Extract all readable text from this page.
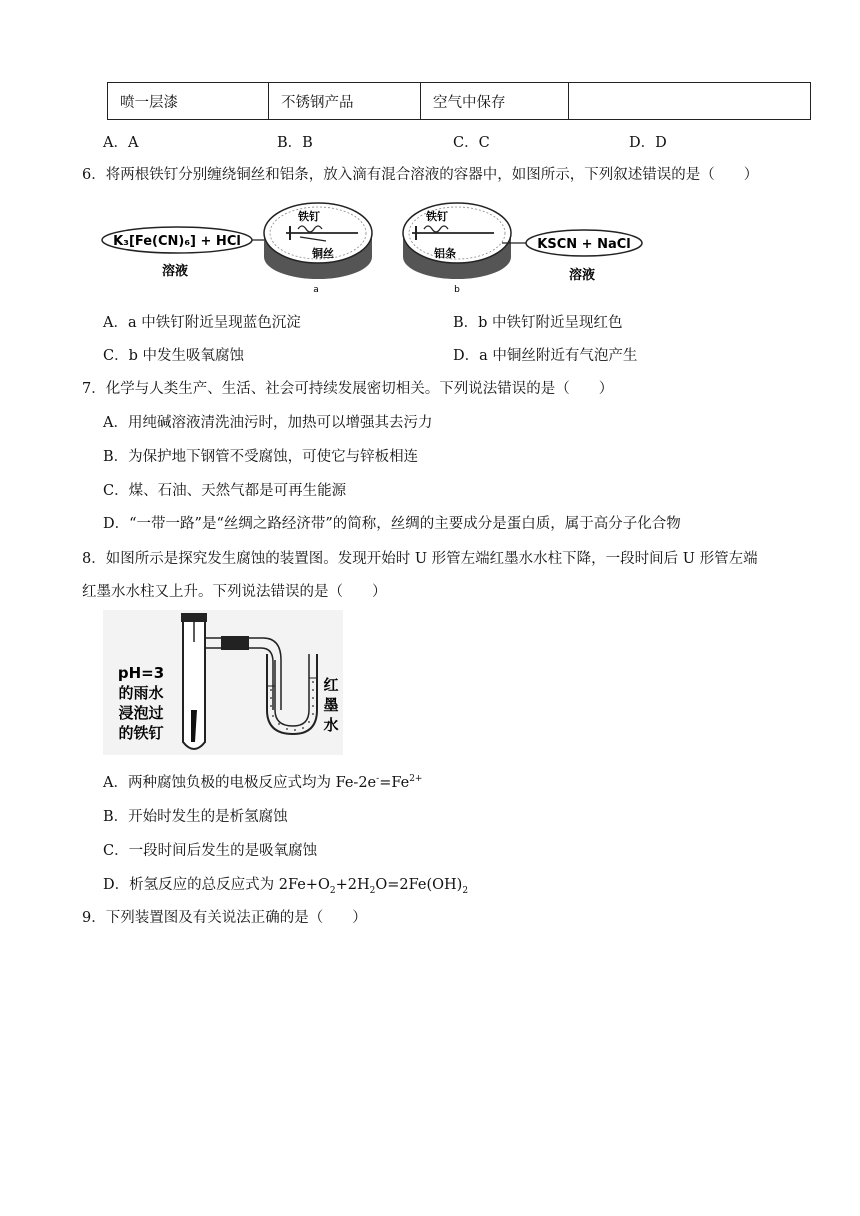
喷一层漆	不锈钢产品	空气中保存	
A．A	B．B	C．C	D．D
6．将两根铁钉分别缠绕铜丝和铝条，放入滴有混合溶液的容器中，如图所示，下列叙述错误的是（　　）
K₃[Fe(CN)₆] + HCl
溶液
铁钉
铜丝
a
铁钉
铝条
b
KSCN + NaCl
溶液
A．a 中铁钉附近呈现蓝色沉淀	B．b 中铁钉附近呈现红色
C．b 中发生吸氧腐蚀	D．a 中铜丝附近有气泡产生
7．化学与人类生产、生活、社会可持续发展密切相关。下列说法错误的是（　　）
A．用纯碱溶液清洗油污时，加热可以增强其去污力
B．为保护地下钢管不受腐蚀，可使它与锌板相连
C．煤、石油、天然气都是可再生能源
D．“一带一路”是“丝绸之路经济带”的简称，丝绸的主要成分是蛋白质，属于高分子化合物
8．如图所示是探究发生腐蚀的装置图。发现开始时 U 形管左端红墨水水柱下降，一段时间后 U 形管左端
红墨水水柱又上升。下列说法错误的是（　　）
pH=3
的雨水
浸泡过
的铁钉
红
墨
水
A．两种腐蚀负极的电极反应式均为 $Fe-2e^-=Fe^{2+}$
B．开始时发生的是析氢腐蚀
C．一段时间后发生的是吸氧腐蚀
D．析氢反应的总反应式为 $2Fe+O_2+2H_2O=2Fe(OH)_2$
9．下列装置图及有关说法正确的是（　　）
